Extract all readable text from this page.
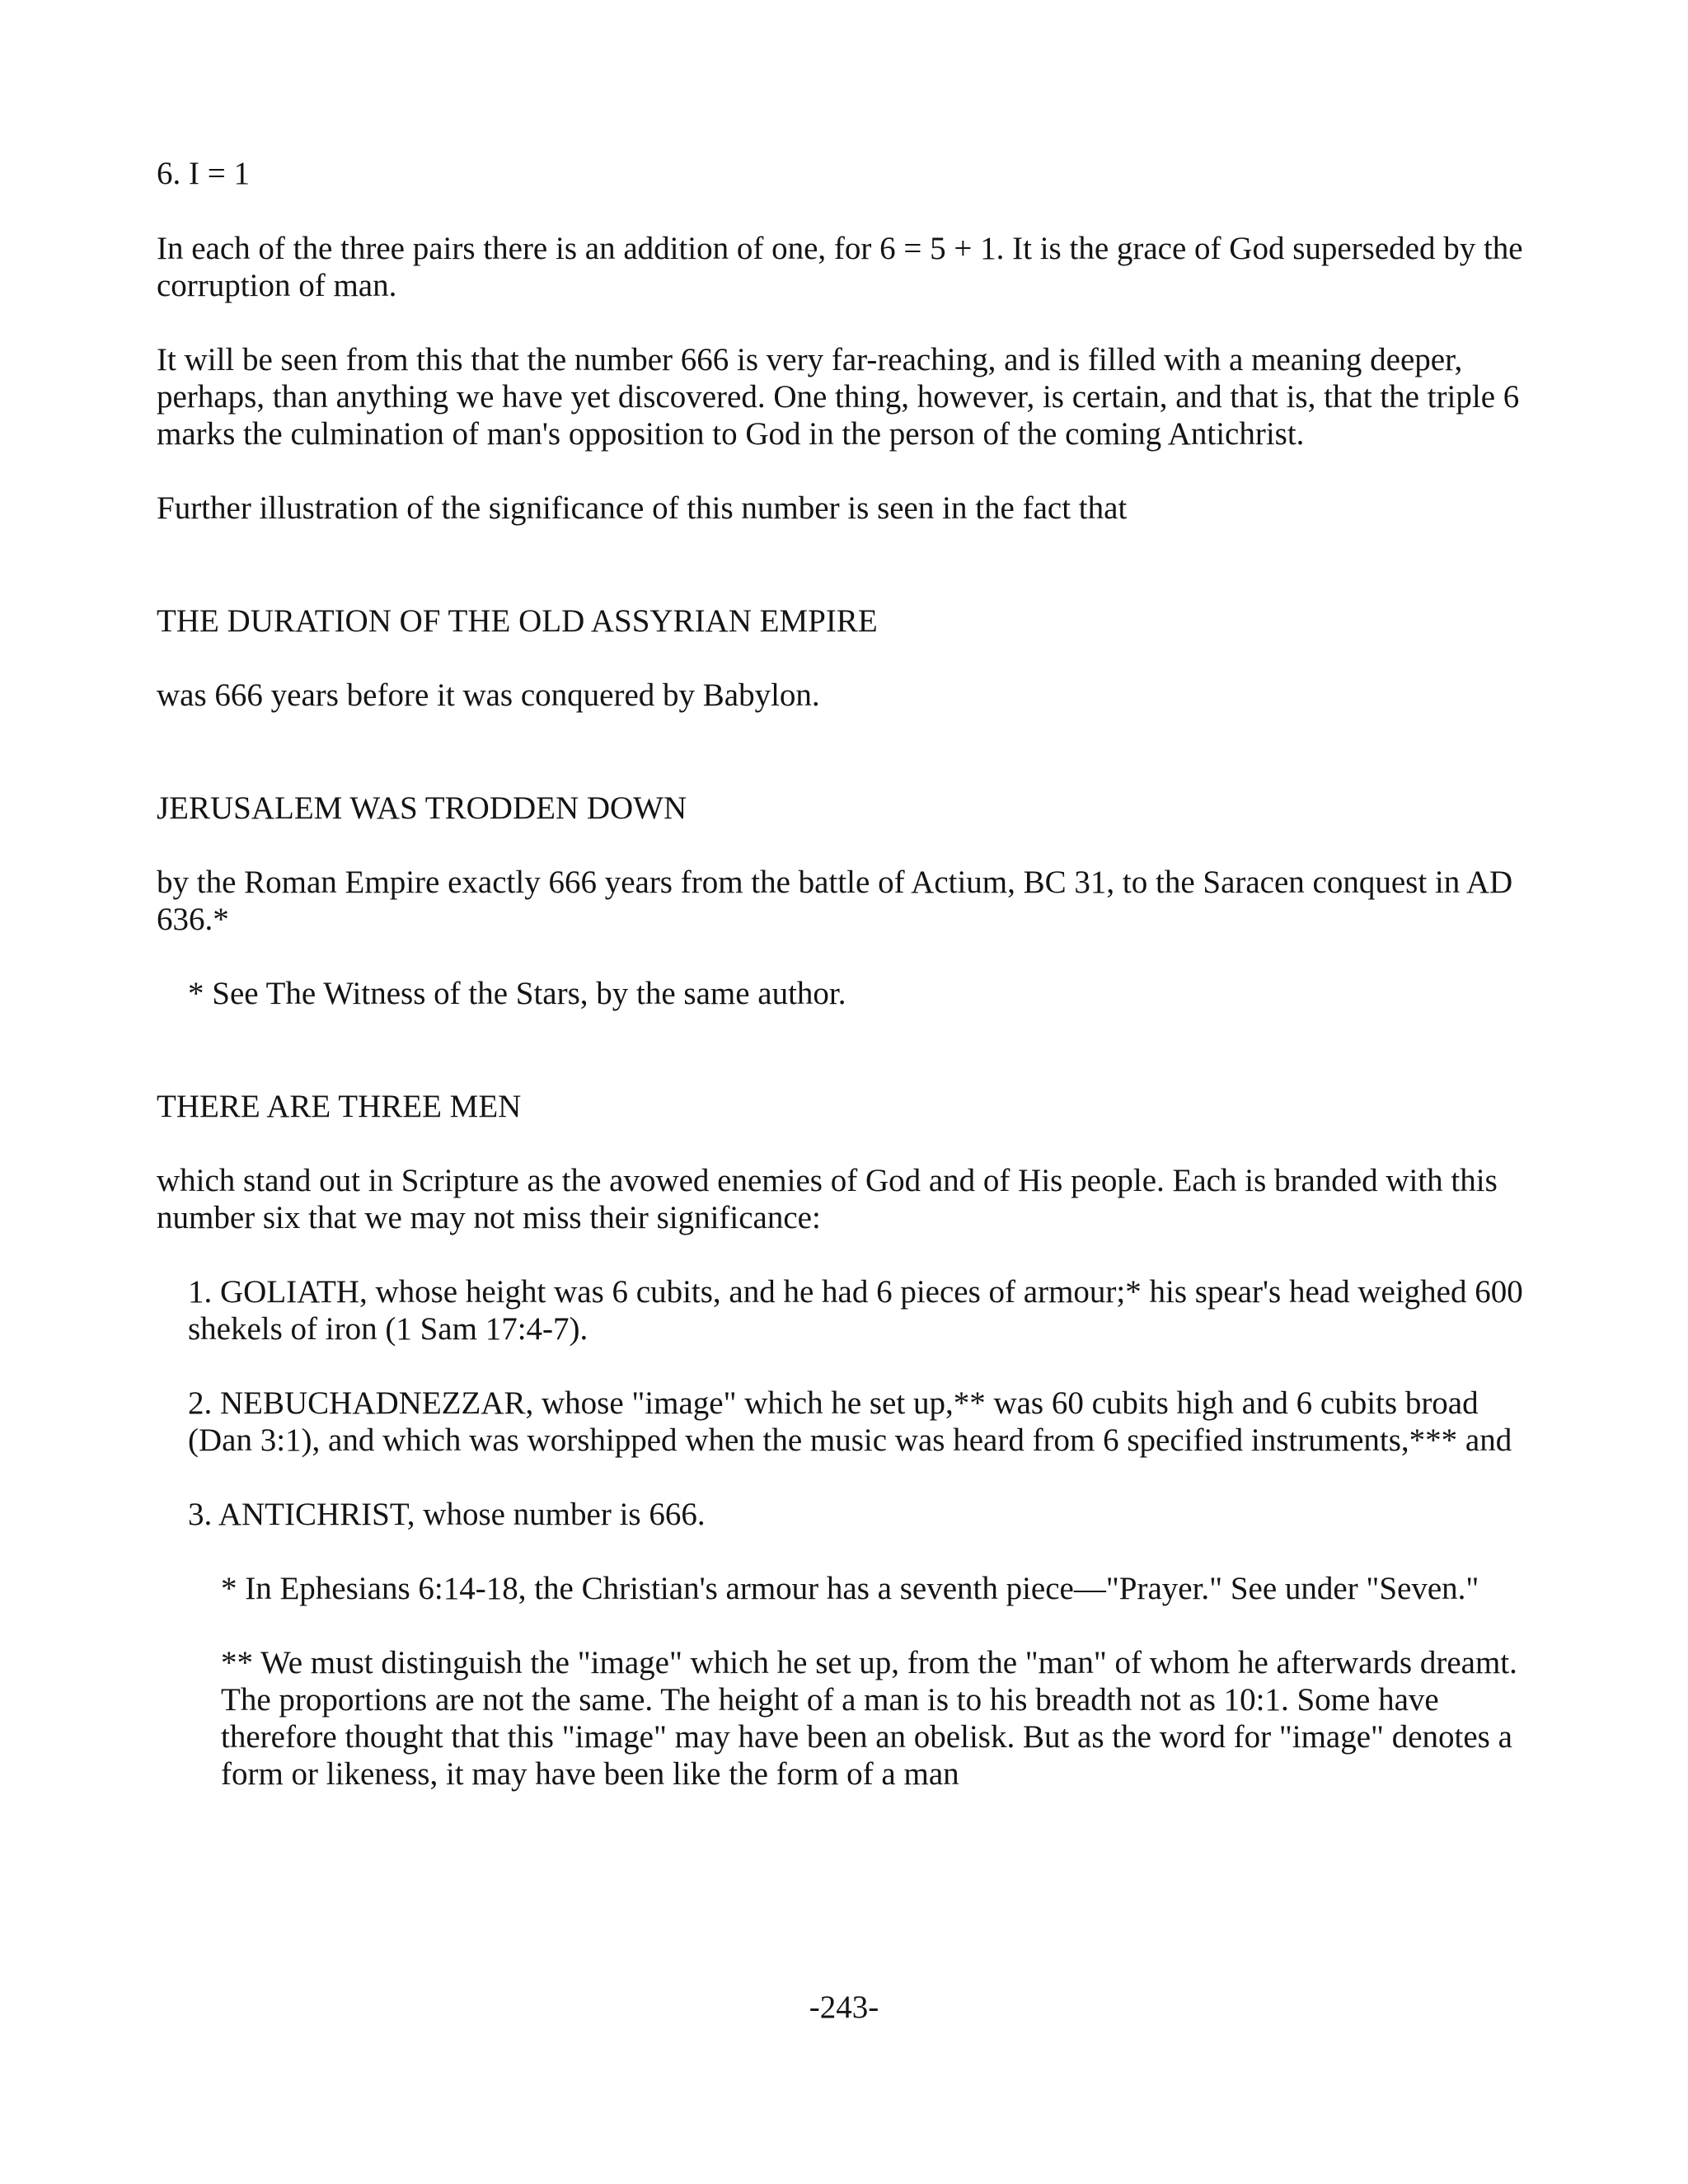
6. I = 1

In each of the three pairs there is an addition of one, for 6 = 5 + 1. It is the grace of God superseded by the corruption of man.

It will be seen from this that the number 666 is very far-reaching, and is filled with a meaning deeper, perhaps, than anything we have yet discovered. One thing, however, is certain, and that is, that the triple 6 marks the culmination of man's opposition to God in the person of the coming Antichrist.

Further illustration of the significance of this number is seen in the fact that

THE DURATION OF THE OLD ASSYRIAN EMPIRE

was 666 years before it was conquered by Babylon.

JERUSALEM WAS TRODDEN DOWN

by the Roman Empire exactly 666 years from the battle of Actium, BC 31, to the Saracen conquest in AD 636.*

* See The Witness of the Stars, by the same author.

THERE ARE THREE MEN

which stand out in Scripture as the avowed enemies of God and of His people. Each is branded with this number six that we may not miss their significance:

1. GOLIATH, whose height was 6 cubits, and he had 6 pieces of armour;* his spear's head weighed 600 shekels of iron (1 Sam 17:4-7).

2. NEBUCHADNEZZAR, whose "image" which he set up,** was 60 cubits high and 6 cubits broad (Dan 3:1), and which was worshipped when the music was heard from 6 specified instruments,*** and

3. ANTICHRIST, whose number is 666.

* In Ephesians 6:14-18, the Christian's armour has a seventh piece—"Prayer." See under "Seven."

** We must distinguish the "image" which he set up, from the "man" of whom he afterwards dreamt. The proportions are not the same. The height of a man is to his breadth not as 10:1. Some have therefore thought that this "image" may have been an obelisk. But as the word for "image" denotes a form or likeness, it may have been like the form of a man

-243-
